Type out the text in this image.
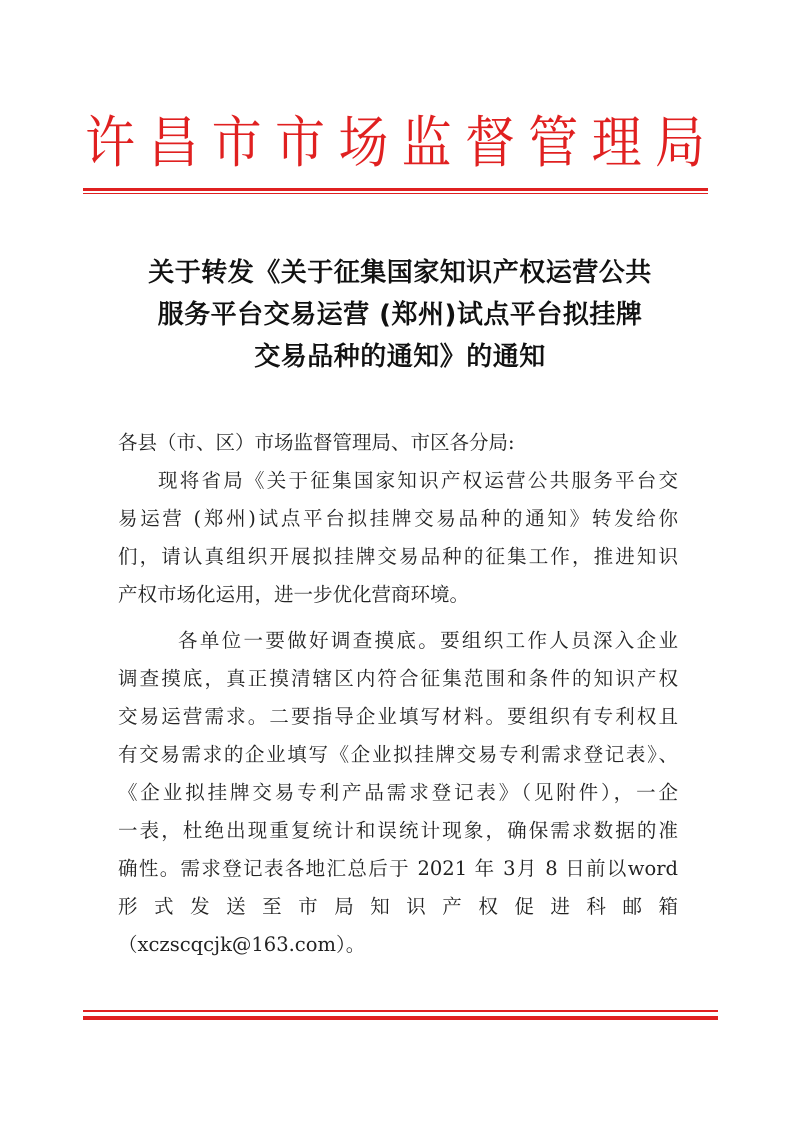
许 昌 市 市 场 监 督 管 理 局
关于转发《关于征集国家知识产权运营公共
服务平台交易运营 (郑州)试点平台拟挂牌
交易品种的通知》的通知
各县（市、区）市场监督管理局、市区各分局:
现将省局《关于征集国家知识产权运营公共服务平台交
易运营 (郑州)试点平台拟挂牌交易品种的通知》转发给你
们，请认真组织开展拟挂牌交易品种的征集工作，推进知识
产权市场化运用，进一步优化营商环境。
各单位一要做好调查摸底。要组织工作人员深入企业
调查摸底，真正摸清辖区内符合征集范围和条件的知识产权
交易运营需求。二要指导企业填写材料。要组织有专利权且
有交易需求的企业填写《企业拟挂牌交易专利需求登记表》、
《企业拟挂牌交易专利产品需求登记表》（见附件），一企
一表，杜绝出现重复统计和误统计现象，确保需求数据的准
确性。需求登记表各地汇总后于 2021 年 3月 8 日前以word
形式发送至市局知识产权促进科邮箱
（xczscqcjk@163.com）。
